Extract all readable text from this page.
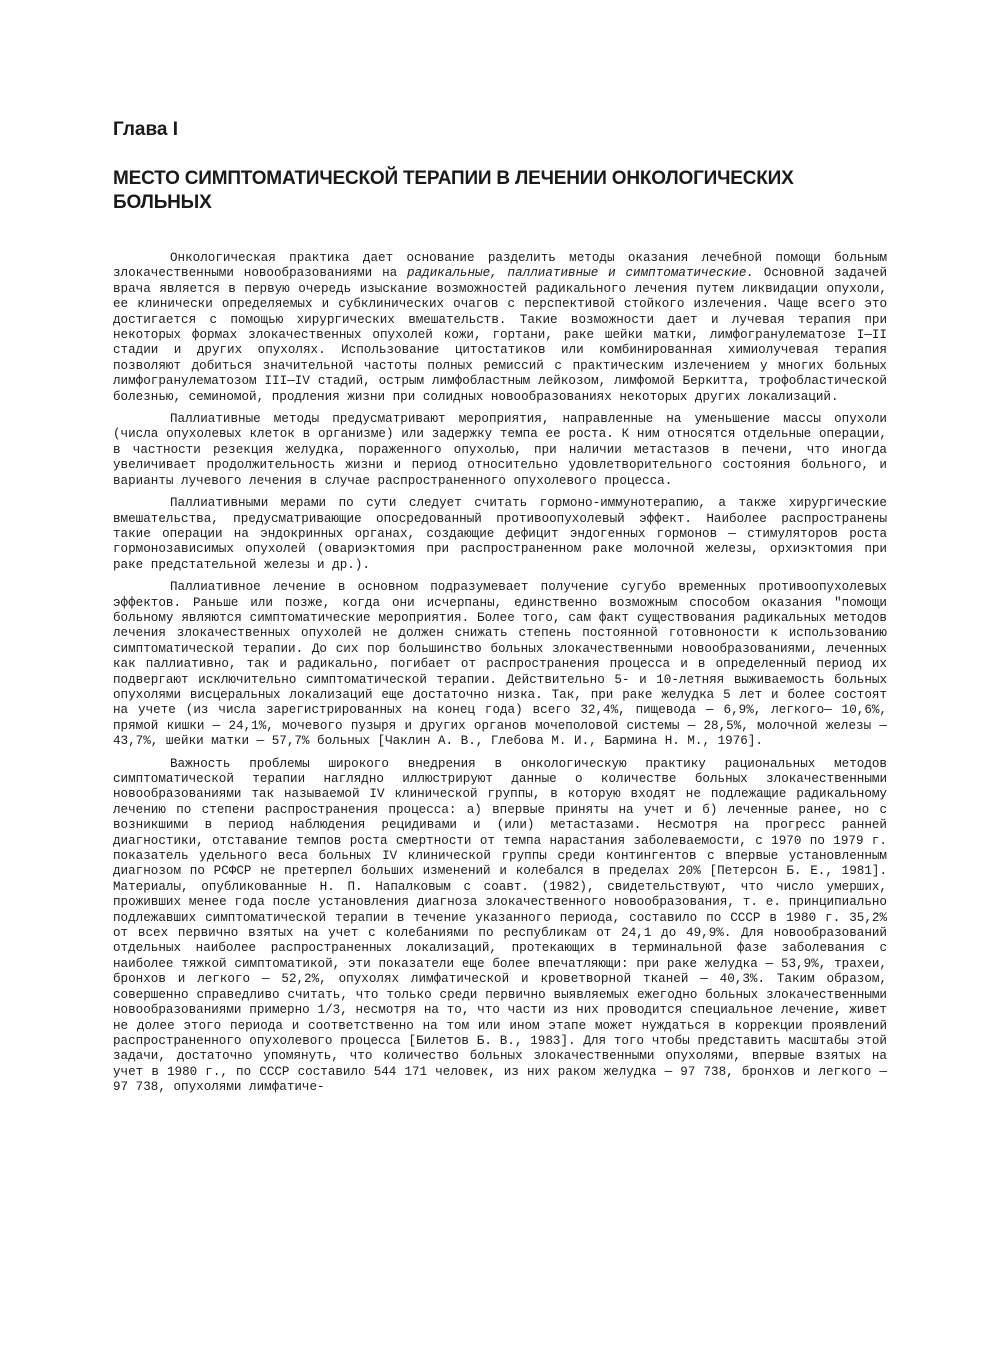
Глава I
МЕСТО СИМПТОМАТИЧЕСКОЙ ТЕРАПИИ В ЛЕЧЕНИИ ОНКОЛОГИЧЕСКИХ БОЛЬНЫХ

Онкологическая практика дает основание разделить методы оказания лечебной помощи больным злокачественными новообразованиями на радикальные, паллиативные и симптоматические. Основной задачей врача является в первую очередь изыскание возможностей радикального лечения путем ликвидации опухоли, ее клинически определяемых и субклинических очагов с перспективой стойкого излечения. Чаще всего это достигается с помощью хирургических вмешательств. Такие возможности дает и лучевая терапия при некоторых формах злокачественных опухолей кожи, гортани, раке шейки матки, лимфогранулематозе I—II стадии и других опухолях. Использование цитостатиков или комбинированная химиолучевая терапия позволяют добиться значительной частоты полных ремиссий с практическим излечением у многих больных лимфогранулематозом III—IV стадий, острым лимфобластным лейкозом, лимфомой Беркитта, трофобластической болезнью, семиномой, продления жизни при солидных новообразованиях некоторых других локализаций.

Паллиативные методы предусматривают мероприятия, направленные на уменьшение массы опухоли (числа опухолевых клеток в организме) или задержку темпа ее роста. К ним относятся отдельные операции, в частности резекция желудка, пораженного опухолью, при наличии метастазов в печени, что иногда увеличивает продолжительность жизни и период относительно удовлетворительного состояния больного, и варианты лучевого лечения в случае распространенного опухолевого процесса.

Паллиативными мерами по сути следует считать гормоно-иммунотерапию, а также хирургические вмешательства, предусматривающие опосредованный противоопухолевый эффект. Наиболее распространены такие операции на эндокринных органах, создающие дефицит эндогенных гормонов — стимуляторов роста гормонозависимых опухолей (овариэктомия при распространенном раке молочной железы, орхиэктомия при раке предстательной железы и др.).

Паллиативное лечение в основном подразумевает получение сугубо временных противоопухолевых эффектов. Раньше или позже, когда они исчерпаны, единственно возможным способом оказания "помощи больному являются симптоматические мероприятия. Более того, сам факт существования радикальных методов лечения злокачественных опухолей не должен снижать степень постоянной готовноности к использованию симптоматической терапии. До сих пор большинство больных злокачественными новообразованиями, леченных как паллиативно, так и радикально, погибает от распространения процесса и в определенный период их подвергают исключительно симптоматической терапии. Действительно 5- и 10-летняя выживаемость больных опухолями висцеральных локализаций еще достаточно низка. Так, при раке желудка 5 лет и более состоят на учете (из числа зарегистрированных на конец года) всего 32,4%, пищевода — 6,9%, легкого— 10,6%, прямой кишки — 24,1%, мочевого пузыря и других органов мочеполовой системы — 28,5%, молочной железы — 43,7%, шейки матки — 57,7% больных [Чаклин А. В., Глебова М. И., Бармина Н. М., 1976].

Важность проблемы широкого внедрения в онкологическую практику рациональных методов симптоматической терапии наглядно иллюстрируют данные о количестве больных злокачественными новообразованиями так называемой IV клинической группы, в которую входят не подлежащие радикальному лечению по степени распространения процесса: а) впервые приняты на учет и б) леченные ранее, но с возникшими в период наблюдения рецидивами и (или) метастазами. Несмотря на прогресс ранней диагностики, отставание темпов роста смертности от темпа нарастания заболеваемости, с 1970 по 1979 г. показатель удельного веса больных IV клинической группы среди контингентов с впервые установленным диагнозом по РСФСР не претерпел больших изменений и колебался в пределах 20% [Петерсон Б. Е., 1981]. Материалы, опубликованные Н. П. Напалковым с соавт. (1982), свидетельствуют, что число умерших, проживших менее года после установления диагноза злокачественного новообразования, т. е. принципиально подлежавших симптоматической терапии в течение указанного периода, составило по СССР в 1980 г. 35,2% от всех первично взятых на учет с колебаниями по республикам от 24,1 до 49,9%. Для новообразований отдельных наиболее распространенных локализаций, протекающих в терминальной фазе заболевания с наиболее тяжкой симптоматикой, эти показатели еще более впечатляющи: при раке желудка — 53,9%, трахеи, бронхов и легкого — 52,2%, опухолях лимфатической и кроветворной тканей — 40,3%. Таким образом, совершенно справедливо считать, что только среди первично выявляемых ежегодно больных злокачественными новообразованиями примерно 1/3, несмотря на то, что части из них проводится специальное лечение, живет не долее этого периода и соответственно на том или ином этапе может нуждаться в коррекции проявлений распространенного опухолевого процесса [Билетов Б. В., 1983]. Для того чтобы представить масштабы этой задачи, достаточно упомянуть, что количество больных злокачественными опухолями, впервые взятых на учет в 1980 г., по СССР составило 544 171 человек, из них раком желудка — 97 738, бронхов и легкого — 97 738, опухолями лимфатиче-
